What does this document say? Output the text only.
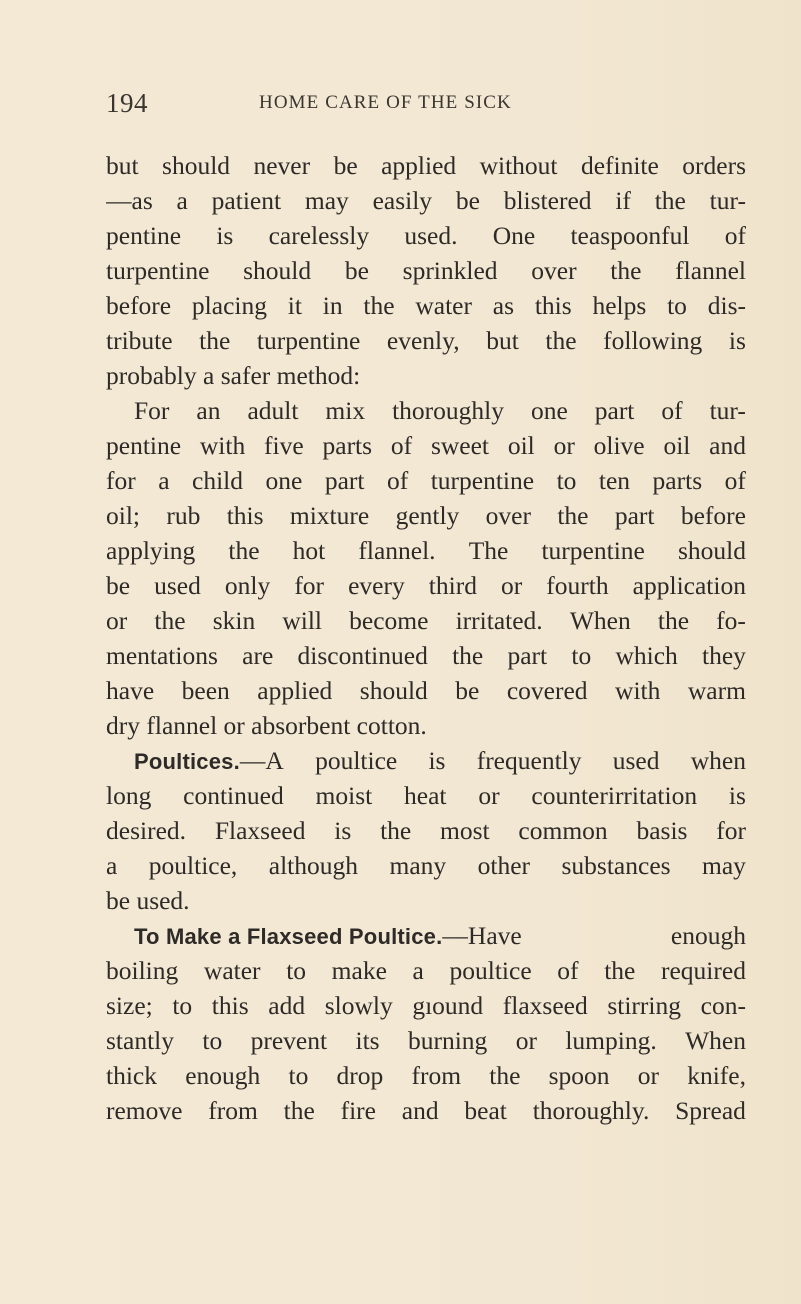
194	HOME CARE OF THE SICK
but should never be applied without definite orders
—as a patient may easily be blistered if the tur-
pentine is carelessly used. One teaspoonful of
turpentine should be sprinkled over the flannel
before placing it in the water as this helps to dis-
tribute the turpentine evenly, but the following is
probably a safer method:
For an adult mix thoroughly one part of tur-
pentine with five parts of sweet oil or olive oil and
for a child one part of turpentine to ten parts of
oil; rub this mixture gently over the part before
applying the hot flannel. The turpentine should
be used only for every third or fourth application
or the skin will become irritated. When the fo-
mentations are discontinued the part to which they
have been applied should be covered with warm
dry flannel or absorbent cotton.
Poultices.—A poultice is frequently used when
long continued moist heat or counterirritation is
desired. Flaxseed is the most common basis for
a poultice, although many other substances may
be used.
To Make a Flaxseed Poultice.—Have	enough
boiling water to make a poultice of the required
size; to this add slowly gıound flaxseed stirring con-
stantly to prevent its burning or lumping. When
thick enough to drop from the spoon or knife,
remove from the fire and beat thoroughly. Spread
